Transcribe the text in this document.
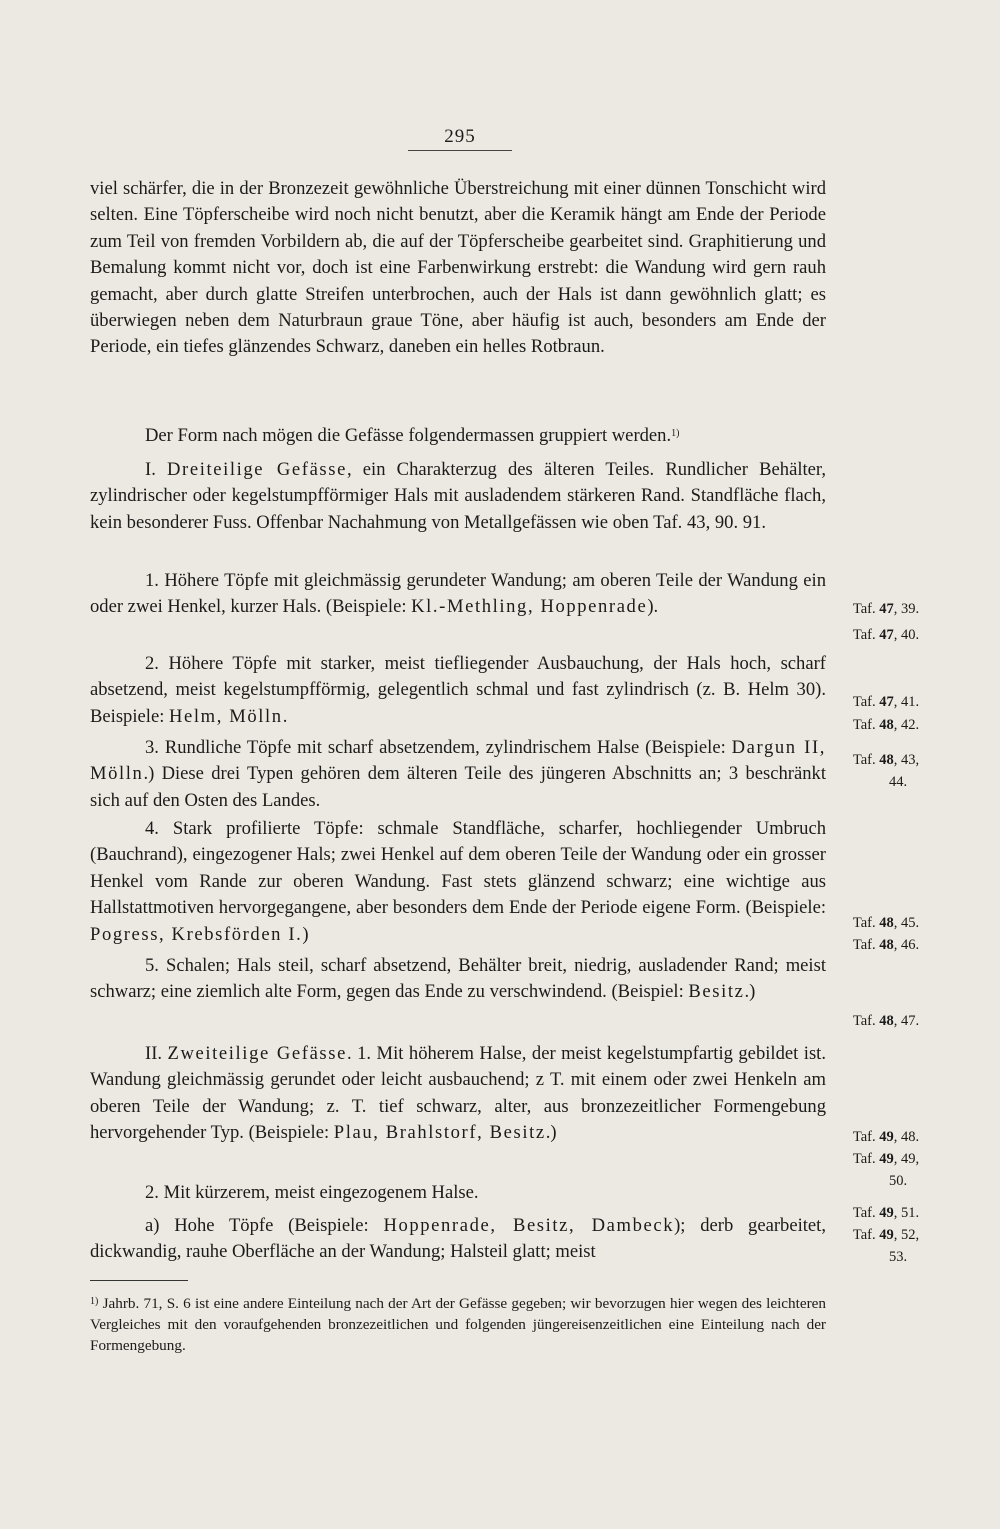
295

viel schärfer, die in der Bronzezeit gewöhnliche Überstreichung mit einer dünnen Tonschicht wird selten. Eine Töpferscheibe wird noch nicht benutzt, aber die Keramik hängt am Ende der Periode zum Teil von fremden Vorbildern ab, die auf der Töpferscheibe gearbeitet sind. Graphitierung und Bemalung kommt nicht vor, doch ist eine Farbenwirkung erstrebt: die Wandung wird gern rauh gemacht, aber durch glatte Streifen unterbrochen, auch der Hals ist dann gewöhnlich glatt; es überwiegen neben dem Naturbraun graue Töne, aber häufig ist auch, besonders am Ende der Periode, ein tiefes glänzendes Schwarz, daneben ein helles Rotbraun.

Der Form nach mögen die Gefässe folgendermassen gruppiert werden.$^{1)}$

I. Dreiteilige Gefässe, ein Charakterzug des älteren Teiles. Rundlicher Behälter, zylindrischer oder kegelstumpfförmiger Hals mit ausladendem stärkeren Rand. Standfläche flach, kein besonderer Fuss. Offenbar Nachahmung von Metallgefässen wie oben Taf. 43, 90. 91.

1. Höhere Töpfe mit gleichmässig gerundeter Wandung; am oberen Teile der Wandung ein oder zwei Henkel, kurzer Hals. (Beispiele: Kl.-Methling, Hoppenrade).

2. Höhere Töpfe mit starker, meist tiefliegender Ausbauchung, der Hals hoch, scharf absetzend, meist kegelstumpfförmig, gelegentlich schmal und fast zylindrisch (z. B. Helm 30). Beispiele: Helm, Mölln.

3. Rundliche Töpfe mit scharf absetzendem, zylindrischem Halse (Beispiele: Dargun II, Mölln.) Diese drei Typen gehören dem älteren Teile des jüngeren Abschnitts an; 3 beschränkt sich auf den Osten des Landes.

4. Stark profilierte Töpfe: schmale Standfläche, scharfer, hochliegender Umbruch (Bauchrand), eingezogener Hals; zwei Henkel auf dem oberen Teile der Wandung oder ein grosser Henkel vom Rande zur oberen Wandung. Fast stets glänzend schwarz; eine wichtige aus Hallstattmotiven hervorgegangene, aber besonders dem Ende der Periode eigene Form. (Beispiele: Pogress, Krebsförden I.)

5. Schalen; Hals steil, scharf absetzend, Behälter breit, niedrig, ausladender Rand; meist schwarz; eine ziemlich alte Form, gegen das Ende zu verschwindend. (Beispiel: Besitz.)

II. Zweiteilige Gefässe. 1. Mit höherem Halse, der meist kegelstumpfartig gebildet ist. Wandung gleichmässig gerundet oder leicht ausbauchend; z T. mit einem oder zwei Henkeln am oberen Teile der Wandung; z. T. tief schwarz, alter, aus bronzezeitlicher Formengebung hervorgehender Typ. (Beispiele: Plau, Brahlstorf, Besitz.)

2. Mit kürzerem, meist eingezogenem Halse.

a) Hohe Töpfe (Beispiele: Hoppenrade, Besitz, Dambeck); derb gearbeitet, dickwandig, rauhe Oberfläche an der Wandung; Halsteil glatt; meist

Taf. 47, 39.
Taf. 47, 40.
Taf. 47, 41.
Taf. 48, 42.
Taf. 48, 43,
44.
Taf. 48, 45.
Taf. 48, 46.
Taf. 48, 47.
Taf. 49, 48.
Taf. 49, 49,
50.
Taf. 49, 51.
Taf. 49, 52,
53.
$^{1)}$ Jahrb. 71, S. 6 ist eine andere Einteilung nach der Art der Gefässe gegeben; wir bevorzugen hier wegen des leichteren Vergleiches mit den voraufgehenden bronzezeitlichen und folgenden jüngereisenzeitlichen eine Einteilung nach der Formengebung.
